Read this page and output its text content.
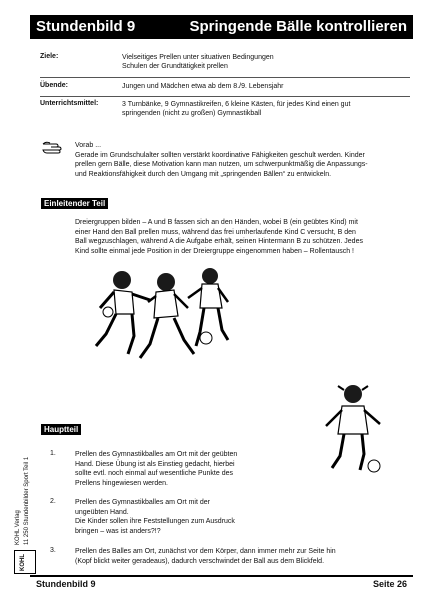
Stundenbild 9	Springende Bälle kontrollieren
Ziele:	Vielseitiges Prellen unter situativen Bedingungen
Schulen der Grundtätigkeit prellen
Übende:	Jungen und Mädchen etwa ab dem 8./9. Lebensjahr
Unterrichtsmittel:	3 Turnbänke, 9 Gymnastikreifen, 6 kleine Kästen, für jedes Kind einen gut
springenden (nicht zu großen) Gymnastikball
Vorab ...
Gerade im Grundschulalter sollten verstärkt koordinative Fähigkeiten geschult werden. Kinder
prellen gern Bälle, diese Motivation kann man nutzen, um schwerpunktmäßig die Anpassungs-
und Reaktionsfähigkeit durch den Umgang mit „springenden Bällen“ zu entwickeln.
Einleitender Teil
Dreiergruppen bilden – A und B fassen sich an den Händen, wobei B (ein geübtes Kind) mit
einer Hand den Ball prellen muss, während das frei umherlaufende Kind C versucht, B den
Ball wegzuschlagen, während A die Aufgabe erhält, seinen Hintermann B zu schützen. Jedes
Kind sollte einmal jede Position in der Dreiergruppe eingenommen haben – Rollentausch !
Hauptteil
1.	Prellen des Gymnastikballes am Ort mit der geübten
Hand. Diese Übung ist als Einstieg gedacht, hierbei
sollte evtl. noch einmal auf wesentliche Punkte des
Prellens hingewiesen werden.
2.	Prellen des Gymnastikballes am Ort mit der
ungeübten Hand.
Die Kinder sollen ihre Feststellungen zum Ausdruck
bringen – was ist anders?!?
3.	Prellen des Balles am Ort, zunächst vor dem Körper, dann immer mehr zur Seite hin
(Kopf blickt weiter geradeaus), dadurch verschwindet der Ball aus dem Blickfeld.
KOHL Verlag 11 250 Stundenbilder Sport Teil 1
KOHL
Stundenbild 9	Seite 26
